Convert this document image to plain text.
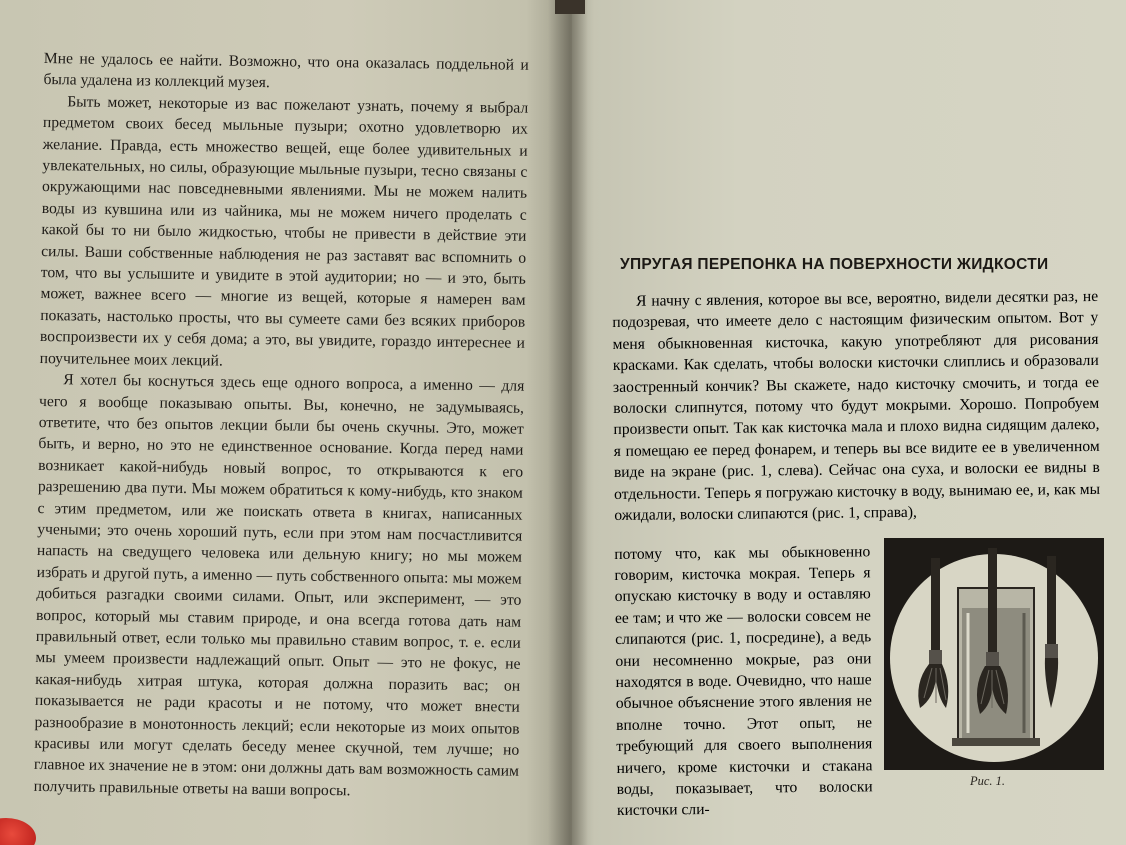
Мне не удалось ее найти. Возможно, что она оказалась поддельной и была удалена из коллекций музея.

Быть может, некоторые из вас пожелают узнать, почему я выбрал предметом своих бесед мыльные пузыри; охотно удовлетворю их желание. Правда, есть множество вещей, еще более удивительных и увлекательных, но силы, образующие мыльные пузыри, тесно связаны с окружающими нас повседневными явлениями. Мы не можем налить воды из кувшина или из чайника, мы не можем ничего проделать с какой бы то ни было жидкостью, чтобы не привести в действие эти силы. Ваши собственные наблюдения не раз заставят вас вспомнить о том, что вы услышите и увидите в этой аудитории; но — и это, быть может, важнее всего — многие из вещей, которые я намерен вам показать, настолько просты, что вы сумеете сами без всяких приборов воспроизвести их у себя дома; а это, вы увидите, гораздо интереснее и поучительнее моих лекций.

Я хотел бы коснуться здесь еще одного вопроса, а именно — для чего я вообще показываю опыты. Вы, конечно, не задумываясь, ответите, что без опытов лекции были бы очень скучны. Это, может быть, и верно, но это не единственное основание. Когда перед нами возникает какой-нибудь новый вопрос, то открываются к его разрешению два пути. Мы можем обратиться к кому-нибудь, кто знаком с этим предметом, или же поискать ответа в книгах, написанных учеными; это очень хороший путь, если при этом нам посчастливится напасть на сведущего человека или дельную книгу; но мы можем избрать и другой путь, а именно — путь собственного опыта: мы можем добиться разгадки своими силами. Опыт, или эксперимент, — это вопрос, который мы ставим природе, и она всегда готова дать нам правильный ответ, если только мы правильно ставим вопрос, т. е. если мы умеем произвести надлежащий опыт. Опыт — это не фокус, не какая-нибудь хитрая штука, которая должна поразить вас; он показывается не ради красоты и не потому, что может внести разнообразие в монотонность лекций; если некоторые из моих опытов красивы или могут сделать беседу менее скучной, тем лучше; но главное их значение не в этом: они должны дать вам возможность самим получить правильные ответы на ваши вопросы.

УПРУГАЯ ПЕРЕПОНКА НА ПОВЕРХНОСТИ ЖИДКОСТИ

Я начну с явления, которое вы все, вероятно, видели десятки раз, не подозревая, что имеете дело с настоящим физическим опытом. Вот у меня обыкновенная кисточка, какую употребляют для рисования красками. Как сделать, чтобы волоски кисточки слиплись и образовали заостренный кончик? Вы скажете, надо кисточку смочить, и тогда ее волоски слипнутся, потому что будут мокрыми. Хорошо. Попробуем произвести опыт. Так как кисточка мала и плохо видна сидящим далеко, я помещаю ее перед фонарем, и теперь вы все видите ее в увеличенном виде на экране (рис. 1, слева). Сейчас она суха, и волоски ее видны в отдельности. Теперь я погружаю кисточку в воду, вынимаю ее, и, как мы ожидали, волоски слипаются (рис. 1, справа),

потому что, как мы обыкновенно говорим, кисточка мокрая. Теперь я опускаю кисточку в воду и оставляю ее там; и что же — волоски совсем не слипаются (рис. 1, посредине), а ведь они несомненно мокрые, раз они находятся в воде. Очевидно, что наше обычное объяснение этого явления не вполне точно. Этот опыт, не требующий для своего выполнения ничего, кроме кисточки и стакана воды, показывает, что волоски кисточки сли-

Рис. 1.
